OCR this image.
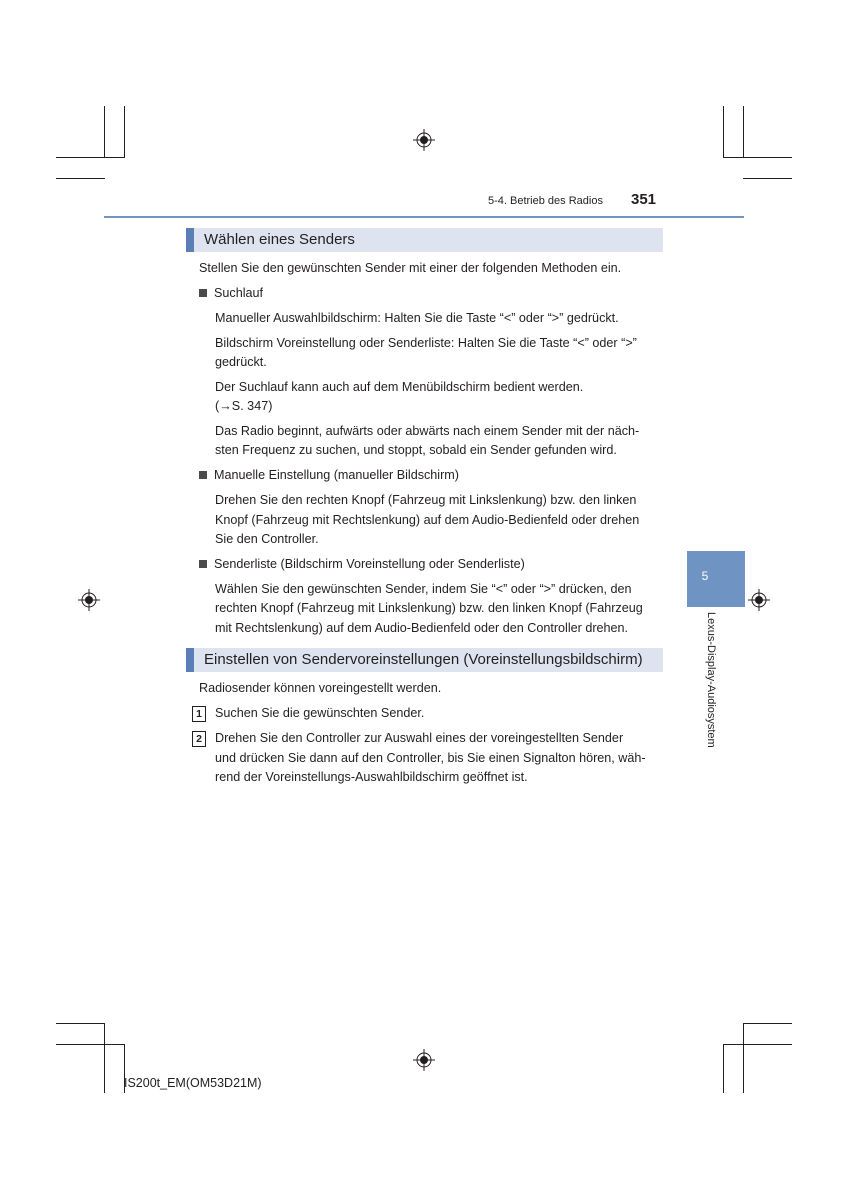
5-4. Betrieb des Radios 351
Wählen eines Senders
Stellen Sie den gewünschten Sender mit einer der folgenden Methoden ein.
Suchlauf
Manueller Auswahlbildschirm: Halten Sie die Taste “<” oder “>” gedrückt.
Bildschirm Voreinstellung oder Senderliste: Halten Sie die Taste “<” oder “>”
gedrückt.
Der Suchlauf kann auch auf dem Menübildschirm bedient werden.
(→S. 347)
Das Radio beginnt, aufwärts oder abwärts nach einem Sender mit der näch-
sten Frequenz zu suchen, und stoppt, sobald ein Sender gefunden wird.
Manuelle Einstellung (manueller Bildschirm)
Drehen Sie den rechten Knopf (Fahrzeug mit Linkslenkung) bzw. den linken
Knopf (Fahrzeug mit Rechtslenkung) auf dem Audio-Bedienfeld oder drehen
Sie den Controller.
Senderliste (Bildschirm Voreinstellung oder Senderliste)
Wählen Sie den gewünschten Sender, indem Sie “<” oder “>” drücken, den
rechten Knopf (Fahrzeug mit Linkslenkung) bzw. den linken Knopf (Fahrzeug
mit Rechtslenkung) auf dem Audio-Bedienfeld oder den Controller drehen.
Einstellen von Sendervoreinstellungen (Voreinstellungsbildschirm)
Radiosender können voreingestellt werden.
1	Suchen Sie die gewünschten Sender.
2	Drehen Sie den Controller zur Auswahl eines der voreingestellten Sender
und drücken Sie dann auf den Controller, bis Sie einen Signalton hören, wäh-
rend der Voreinstellungs-Auswahlbildschirm geöffnet ist.
5
Lexus-Display-Audiosystem
IS200t_EM(OM53D21M)
